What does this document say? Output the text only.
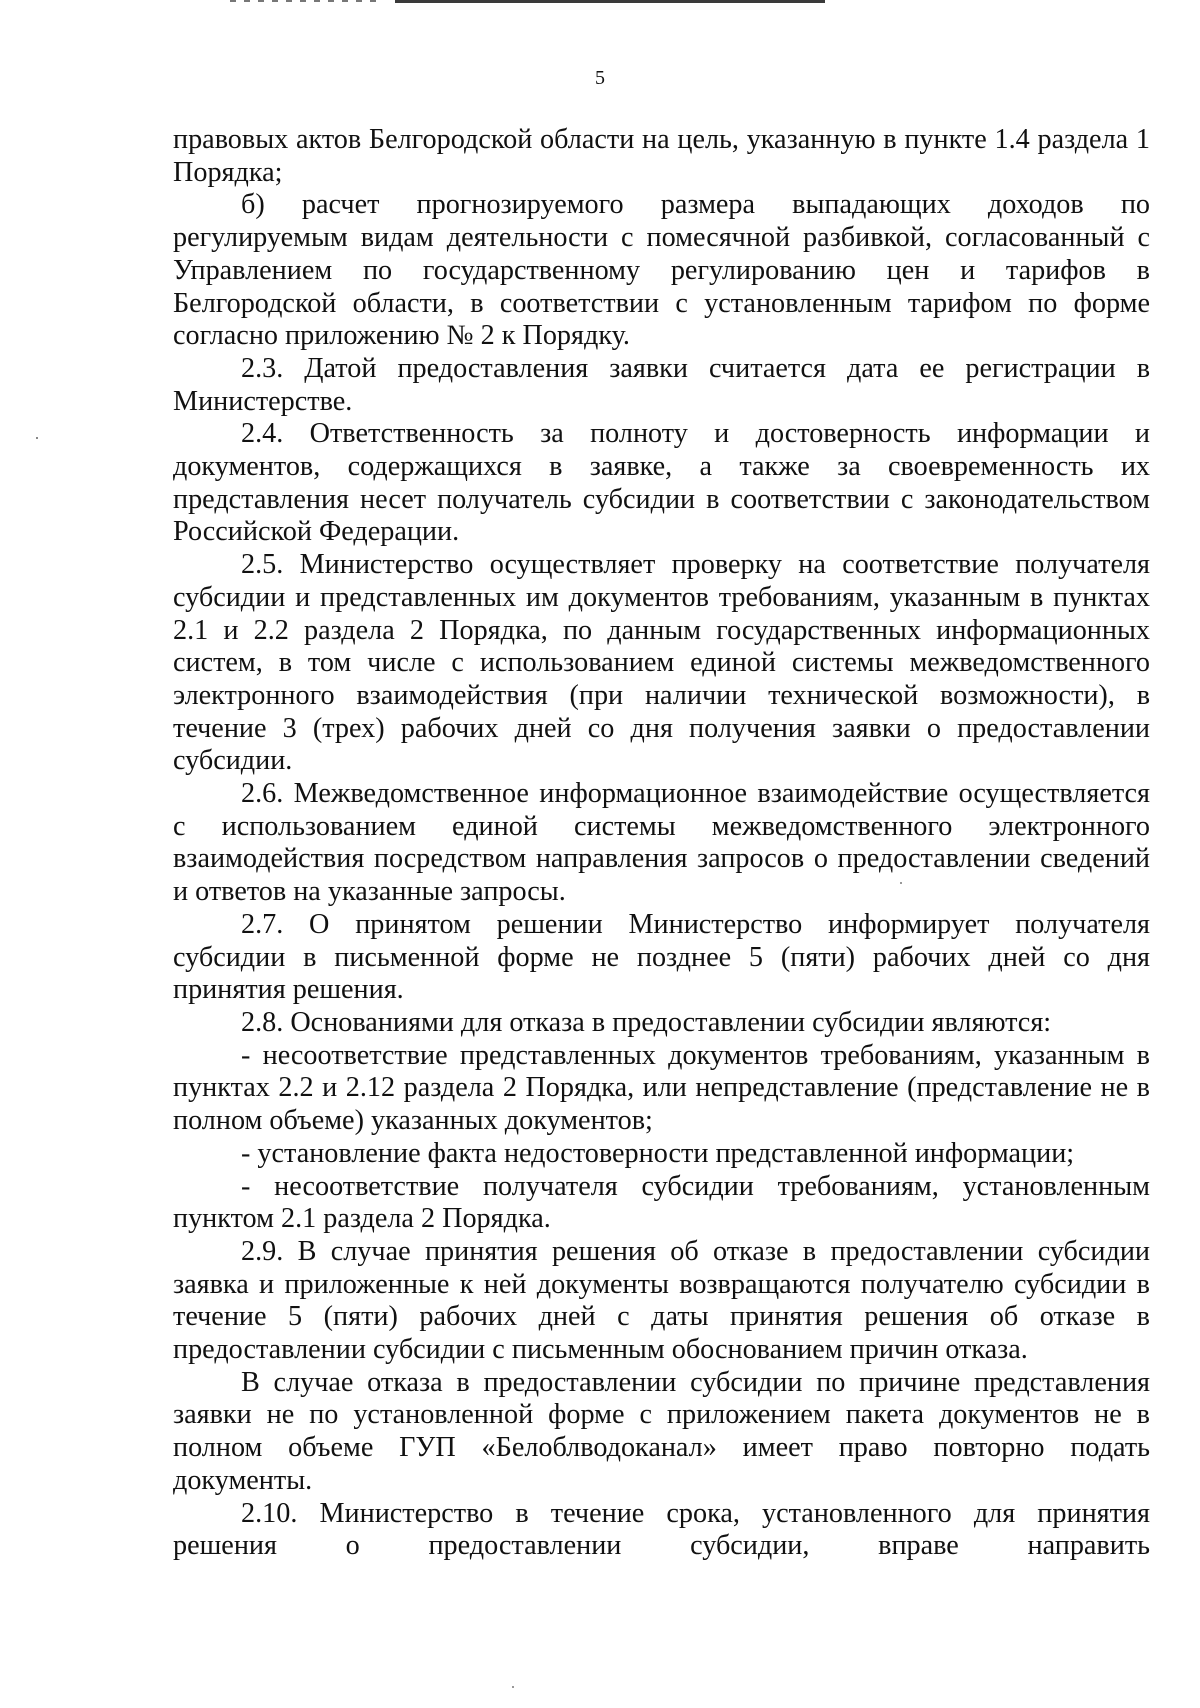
5

правовых актов Белгородской области на цель, указанную в пункте 1.4 раздела 1 Порядка;

б) расчет прогнозируемого размера выпадающих доходов по регулируемым видам деятельности с помесячной разбивкой, согласованный с Управлением по государственному регулированию цен и тарифов в Белгородской области, в соответствии с установленным тарифом по форме согласно приложению № 2 к Порядку.

2.3. Датой предоставления заявки считается дата ее регистрации в Министерстве.

2.4. Ответственность за полноту и достоверность информации и документов, содержащихся в заявке, а также за своевременность их представления несет получатель субсидии в соответствии с законодательством Российской Федерации.

2.5. Министерство осуществляет проверку на соответствие получателя субсидии и представленных им документов требованиям, указанным в пунктах 2.1 и 2.2 раздела 2 Порядка, по данным государственных информационных систем, в том числе с использованием единой системы межведомственного электронного взаимодействия (при наличии технической возможности), в течение 3 (трех) рабочих дней со дня получения заявки о предоставлении субсидии.

2.6. Межведомственное информационное взаимодействие осуществляется с использованием единой системы межведомственного электронного взаимодействия посредством направления запросов о предоставлении сведений и ответов на указанные запросы.

2.7. О принятом решении Министерство информирует получателя субсидии в письменной форме не позднее 5 (пяти) рабочих дней со дня принятия решения.

2.8. Основаниями для отказа в предоставлении субсидии являются:

- несоответствие представленных документов требованиям, указанным в пунктах 2.2 и 2.12 раздела 2 Порядка, или непредставление (представление не в полном объеме) указанных документов;

- установление факта недостоверности представленной информации;

- несоответствие получателя субсидии требованиям, установленным пунктом 2.1 раздела 2 Порядка.

2.9. В случае принятия решения об отказе в предоставлении субсидии заявка и приложенные к ней документы возвращаются получателю субсидии в течение 5 (пяти) рабочих дней с даты принятия решения об отказе в предоставлении субсидии с письменным обоснованием причин отказа.

В случае отказа в предоставлении субсидии по причине представления заявки не по установленной форме с приложением пакета документов не в полном объеме ГУП «Белоблводоканал» имеет право повторно подать документы.

2.10. Министерство в течение срока, установленного для принятия решения о предоставлении субсидии, вправе направить
